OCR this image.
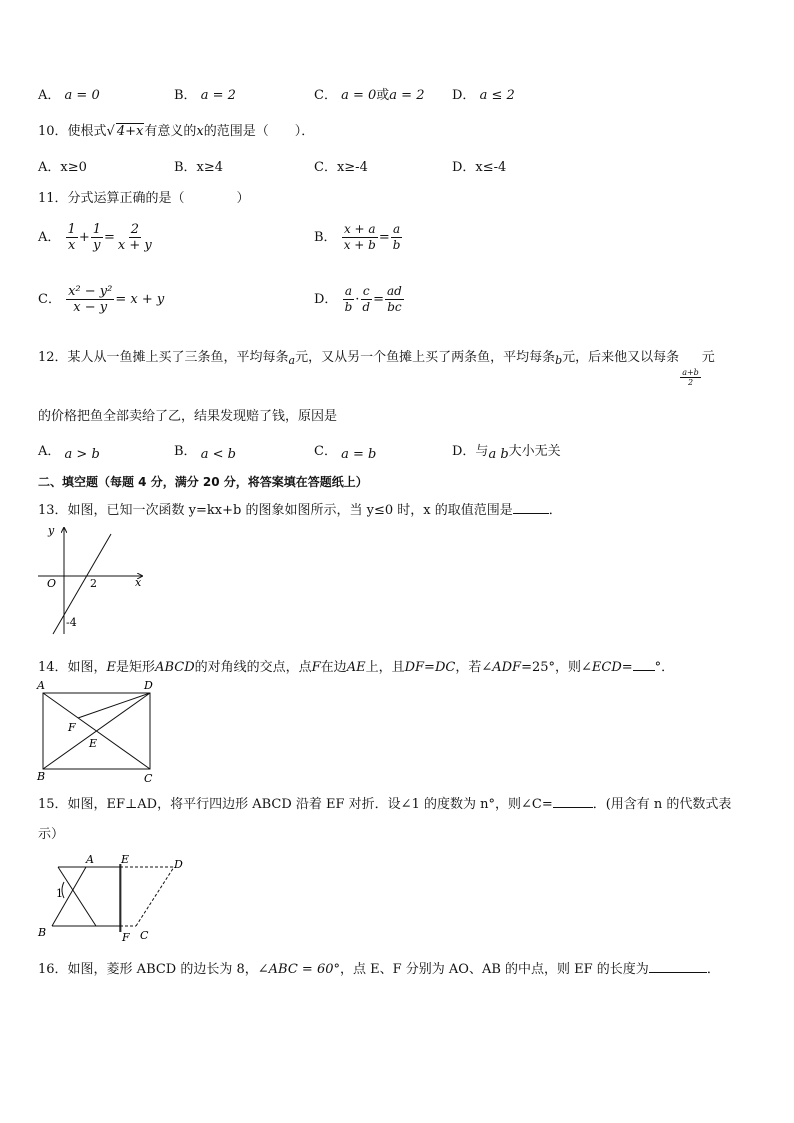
A． a = 0	B． a = 2	C． a = 0或a = 2 D． a ≤ 2
10．使根式√ 4+x有意义的x的范围是（　　）．
A．x≥0	B．x≥4	C．x≥-4	D．x≤-4
11．分式运算正确的是（　　　　）
A． $\frac{1}{x} + \frac{1}{y} = \frac{2}{x + y}$	B． $\frac{x + a}{x + b} = \frac{a}{b}$
C． $\frac{\text{x² − y²}}{x - y} = x + y$	D． $\frac{a}{b} \cdot \frac{c}{d} = \frac{ad}{bc}$
12．某人从一鱼摊上买了三条鱼，平均每条$_a$元，又从另一个鱼摊上买了两条鱼，平均每条$_b$元，后来他又以每条
$\frac{a+b}{2}$
元
的价格把鱼全部卖给了乙，结果发现赔了钱，原因是
A． a > b	B． a < b	C． a = b	D．与a b大小无关
二、填空题（每题 4 分，满分 20 分，将答案填在答题纸上）
13．如图，已知一次函数 y=kx+b 的图象如图所示，当 y≤0 时，x 的取值范围是	．
y
x
O	2
-4
14．如图，E是矩形ABCD的对角线的交点，点F在边AE上，且DF=DC，若∠ADF=25°，则∠ECD= °．
A	D
B	C
F
E
15．如图，EF⊥AD，将平行四边形 ABCD 沿着 EF 对折．设∠1 的度数为 n°，则∠C=	．(用含有 n 的代数式表
示）
A E	D
1
B	F C
16．如图，菱形 ABCD 的边长为 8，∠ABC = 60°，点 E、F 分别为 AO、AB 的中点，则 EF 的长度为	．
